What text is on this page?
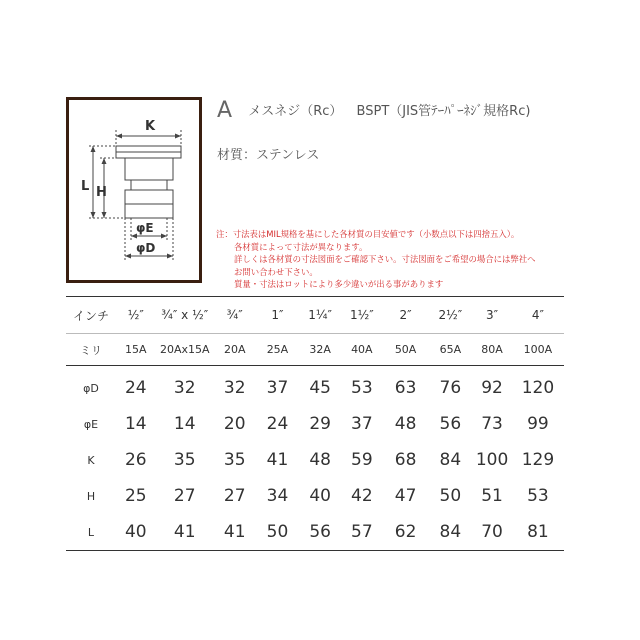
K
L H
φE
φD
A メスネジ（Rc） BSPT（JIS管ﾃｰﾊﾟｰﾈｼﾞ規格Rc)
材質：ステンレス
注：寸法表はMIL規格を基にした各材質の目安値です（小数点以下は四捨五入）。
各材質によって寸法が異なります。
詳しくは各材質の寸法図面をご確認下さい。寸法図面をご希望の場合には弊社へ
お問い合わせ下さい。
質量・寸法はロットにより多少違いが出る事があります
インチ	½″	¾″ x ½″	¾″	1″	1¼″	1½″	2″	2½″	3″	4″
ミリ	15A	20Ax15A	20A	25A	32A	40A	50A	65A	80A	100A
φD	24	32	32	37	45	53	63	76	92	120
φE	14	14	20	24	29	37	48	56	73	99
K	26	35	35	41	48	59	68	84	100	129
H	25	27	27	34	40	42	47	50	51	53
L	40	41	41	50	56	57	62	84	70	81
